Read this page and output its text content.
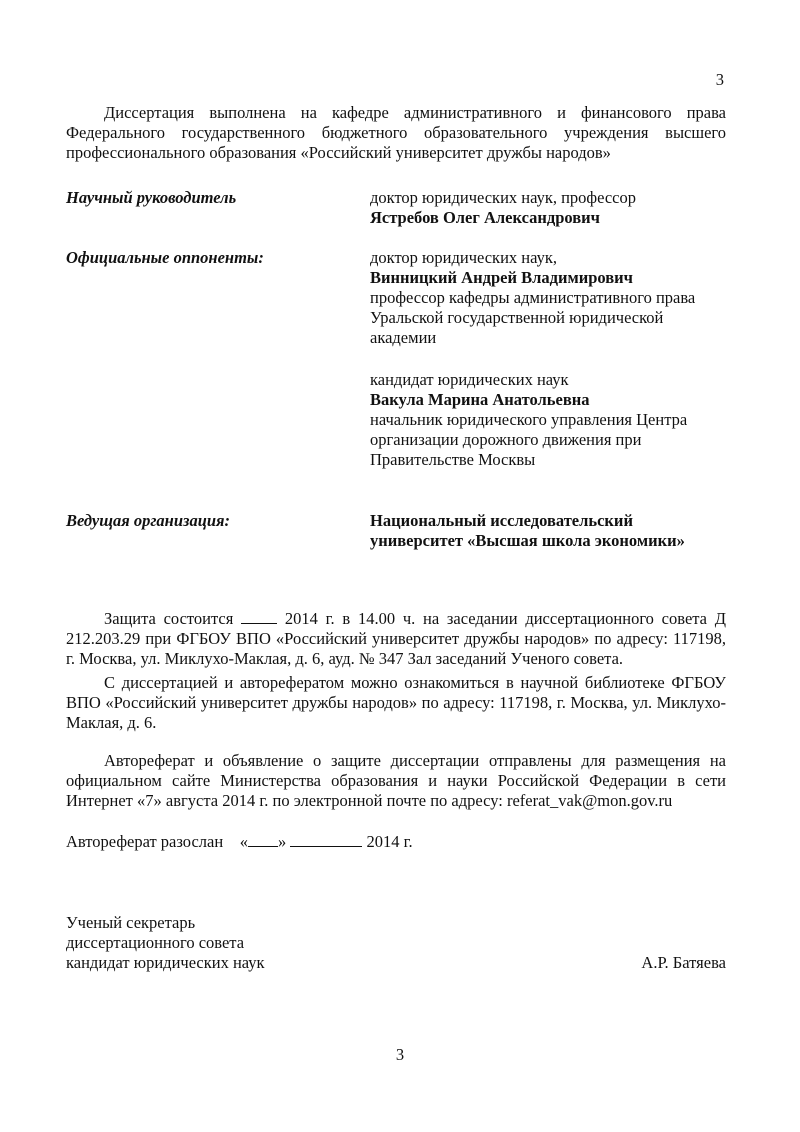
3

Диссертация выполнена на кафедре административного и финансового права Федерального государственного бюджетного образовательного учреждения высшего профессионального образования «Российский университет дружбы народов»

Научный руководитель	доктор юридических наук, профессор
Ястребов Олег Александрович
Официальные оппоненты:	доктор юридических наук,
Винницкий Андрей Владимирович
профессор кафедры административного права
Уральской государственной юридической
академии
кандидат юридических наук
Вакула Марина Анатольевна
начальник юридического управления Центра
организации дорожного движения при
Правительстве Москвы
Ведущая организация:	Национальный исследовательский
университет «Высшая школа экономики»

Защита состоится	2014 г. в 14.00 ч. на заседании диссертационного совета Д 212.203.29 при ФГБОУ ВПО «Российский университет дружбы народов» по адресу: 117198, г. Москва, ул. Миклухо-Маклая, д. 6, ауд. № 347 Зал заседаний Ученого совета.

С диссертацией и авторефератом можно ознакомиться в научной библиотеке ФГБОУ ВПО «Российский университет дружбы народов» по адресу: 117198, г. Москва, ул. Миклухо-Маклая, д. 6.

Автореферат и объявление о защите диссертации отправлены для размещения на официальном сайте Министерства образования и науки Российской Федерации в сети Интернет «7» августа 2014 г. по электронной почте по адресу: referat_vak@mon.gov.ru

Автореферат разослан « »	2014 г.
Ученый секретарь
диссертационного совета
кандидат юридических наук	А.Р. Батяева
3
